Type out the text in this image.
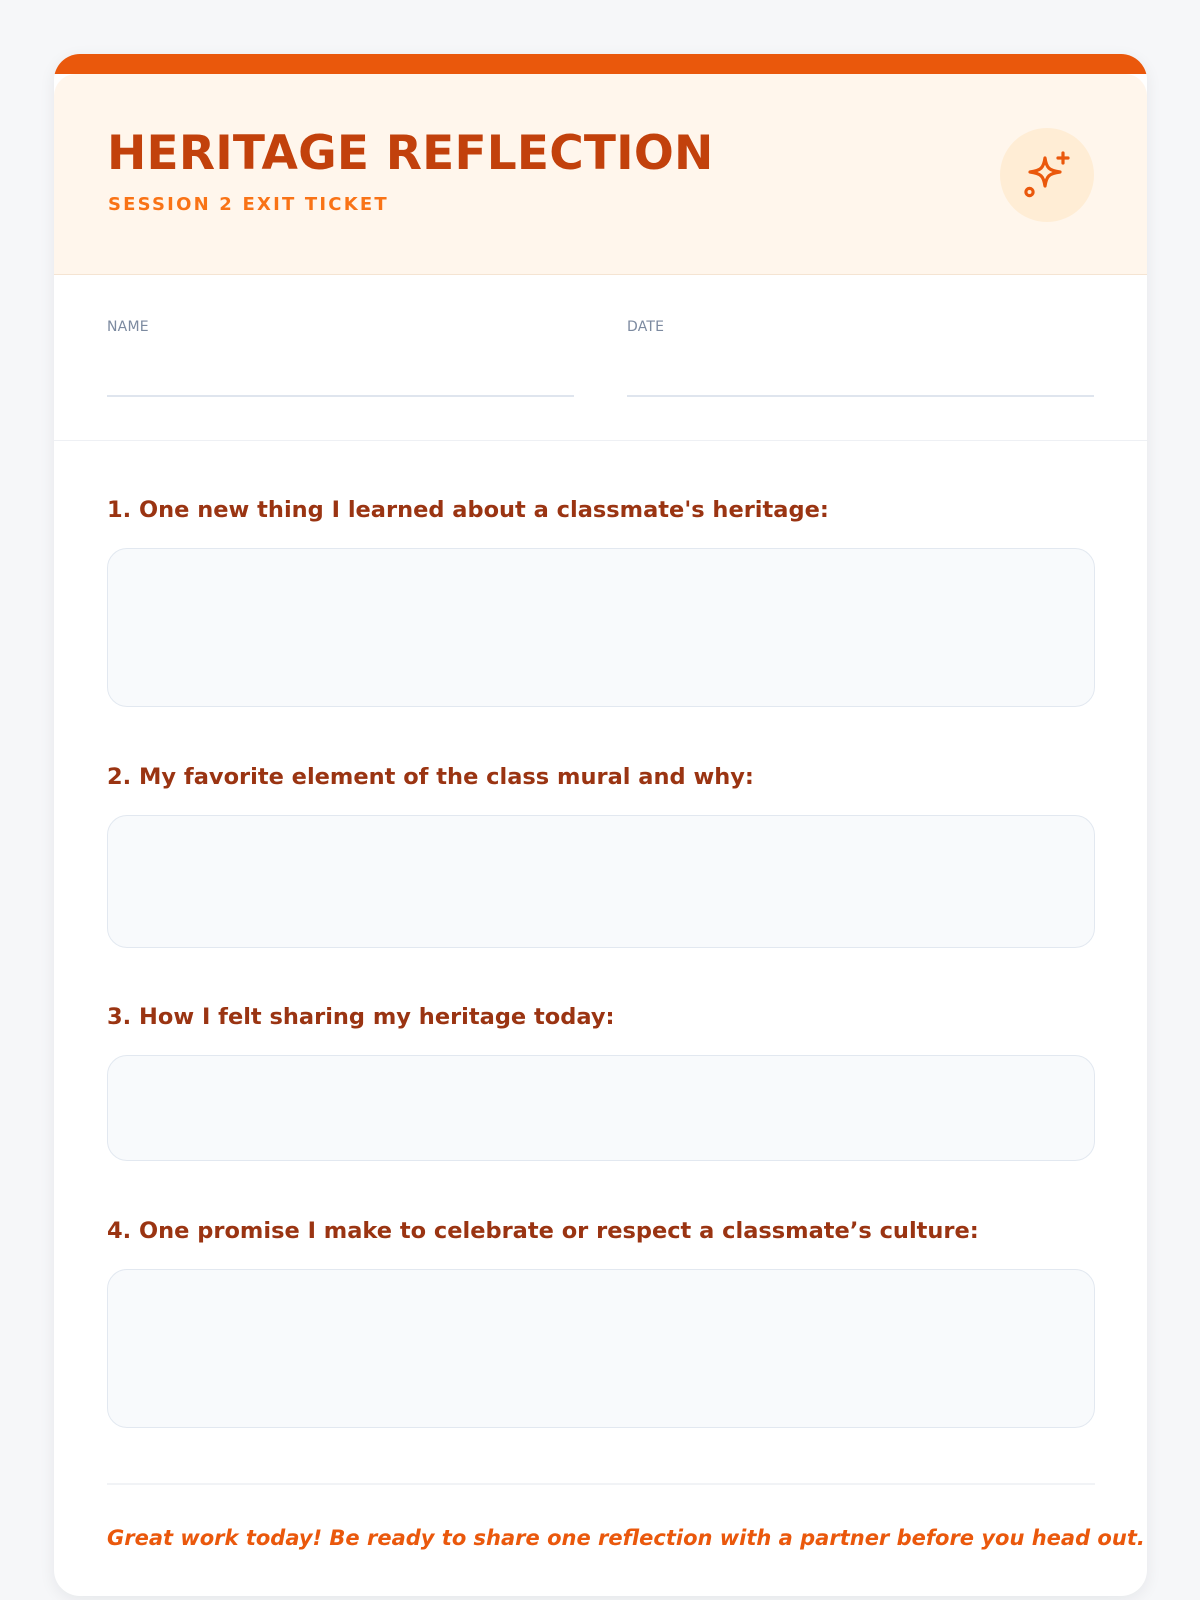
HERITAGE REFLECTION

SESSION 2 EXIT TICKET

NAME	DATE

1. One new thing I learned about a classmate's heritage:

2. My favorite element of the class mural and why:

3. How I felt sharing my heritage today:

4. One promise I make to celebrate or respect a classmate’s culture:

Great work today! Be ready to share one reflection with a partner before you head out.
